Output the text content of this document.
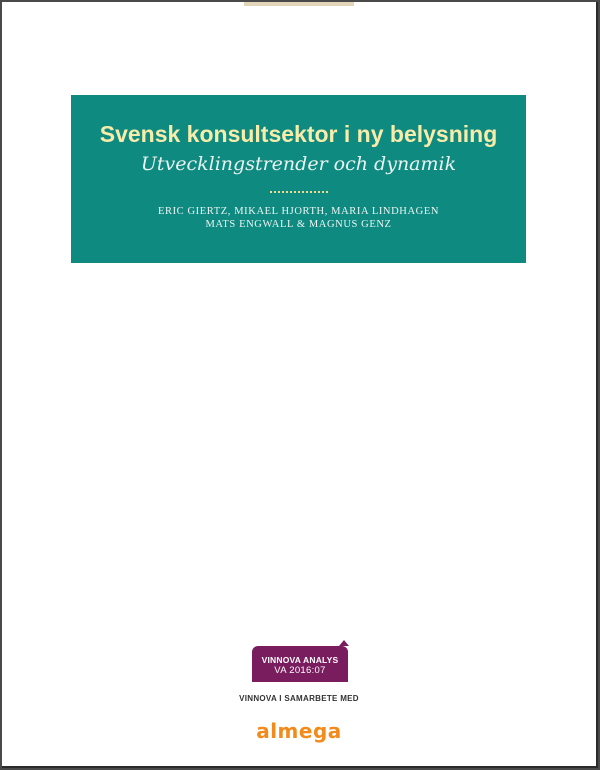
Svensk konsultsektor i ny belysning
Utvecklingstrender och dynamik
ERIC GIERTZ, MIKAEL HJORTH, MARIA LINDHAGEN
MATS ENGWALL & MAGNUS GENZ
VINNOVA ANALYS
VA 2016:07
VINNOVA I SAMARBETE MED
almega
